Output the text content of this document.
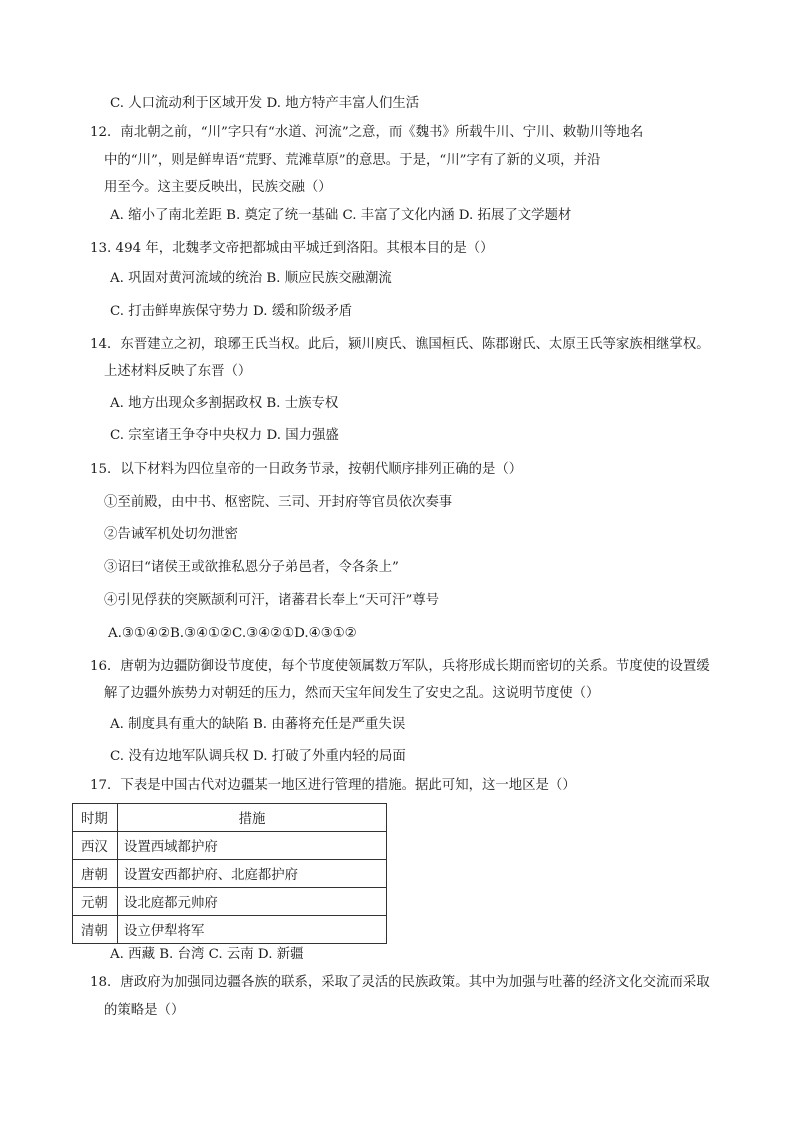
C. 人口流动利于区域开发 D. 地方特产丰富人们生活
12．南北朝之前，“川”字只有“水道、河流”之意，而《魏书》所载牛川、宁川、敕勒川等地名
中的“川”，则是鲜卑语“荒野、荒滩草原”的意思。于是，“川”字有了新的义项，并沿
用至今。这主要反映出，民族交融（）
A. 缩小了南北差距 B. 奠定了统一基础 C. 丰富了文化内涵 D. 拓展了文学题材
13. 494 年，北魏孝文帝把都城由平城迁到洛阳。其根本目的是（）
A. 巩固对黄河流域的统治 B. 顺应民族交融潮流
C. 打击鲜卑族保守势力 D. 缓和阶级矛盾
14．东晋建立之初，琅琊王氏当权。此后，颍川庾氏、谯国桓氏、陈郡谢氏、太原王氏等家族相继掌权。
上述材料反映了东晋（）
A. 地方出现众多割据政权 B. 士族专权
C. 宗室诸王争夺中央权力 D. 国力强盛
15．以下材料为四位皇帝的一日政务节录，按朝代顺序排列正确的是（）
①至前殿，由中书、枢密院、三司、开封府等官员依次奏事
②告诫军机处切勿泄密
③诏曰“诸侯王或欲推私恩分子弟邑者，令各条上”
④引见俘获的突厥颉利可汗，诸蕃君长奉上“天可汗”尊号
A.③①④②B.③④①②C.③④②①D.④③①②
16．唐朝为边疆防御设节度使，每个节度使领属数万军队，兵将形成长期而密切的关系。节度使的设置缓
解了边疆外族势力对朝廷的压力，然而天宝年间发生了安史之乱。这说明节度使（）
A. 制度具有重大的缺陷 B. 由蕃将充任是严重失误
C. 没有边地军队调兵权 D. 打破了外重内轻的局面
17．下表是中国古代对边疆某一地区进行管理的措施。据此可知，这一地区是（）
时期	措施
西汉	设置西域都护府
唐朝	设置安西都护府、北庭都护府
元朝	设北庭都元帅府
清朝	设立伊犁将军
A. 西藏 B. 台湾 C. 云南 D. 新疆
18．唐政府为加强同边疆各族的联系，采取了灵活的民族政策。其中为加强与吐蕃的经济文化交流而采取
的策略是（）
